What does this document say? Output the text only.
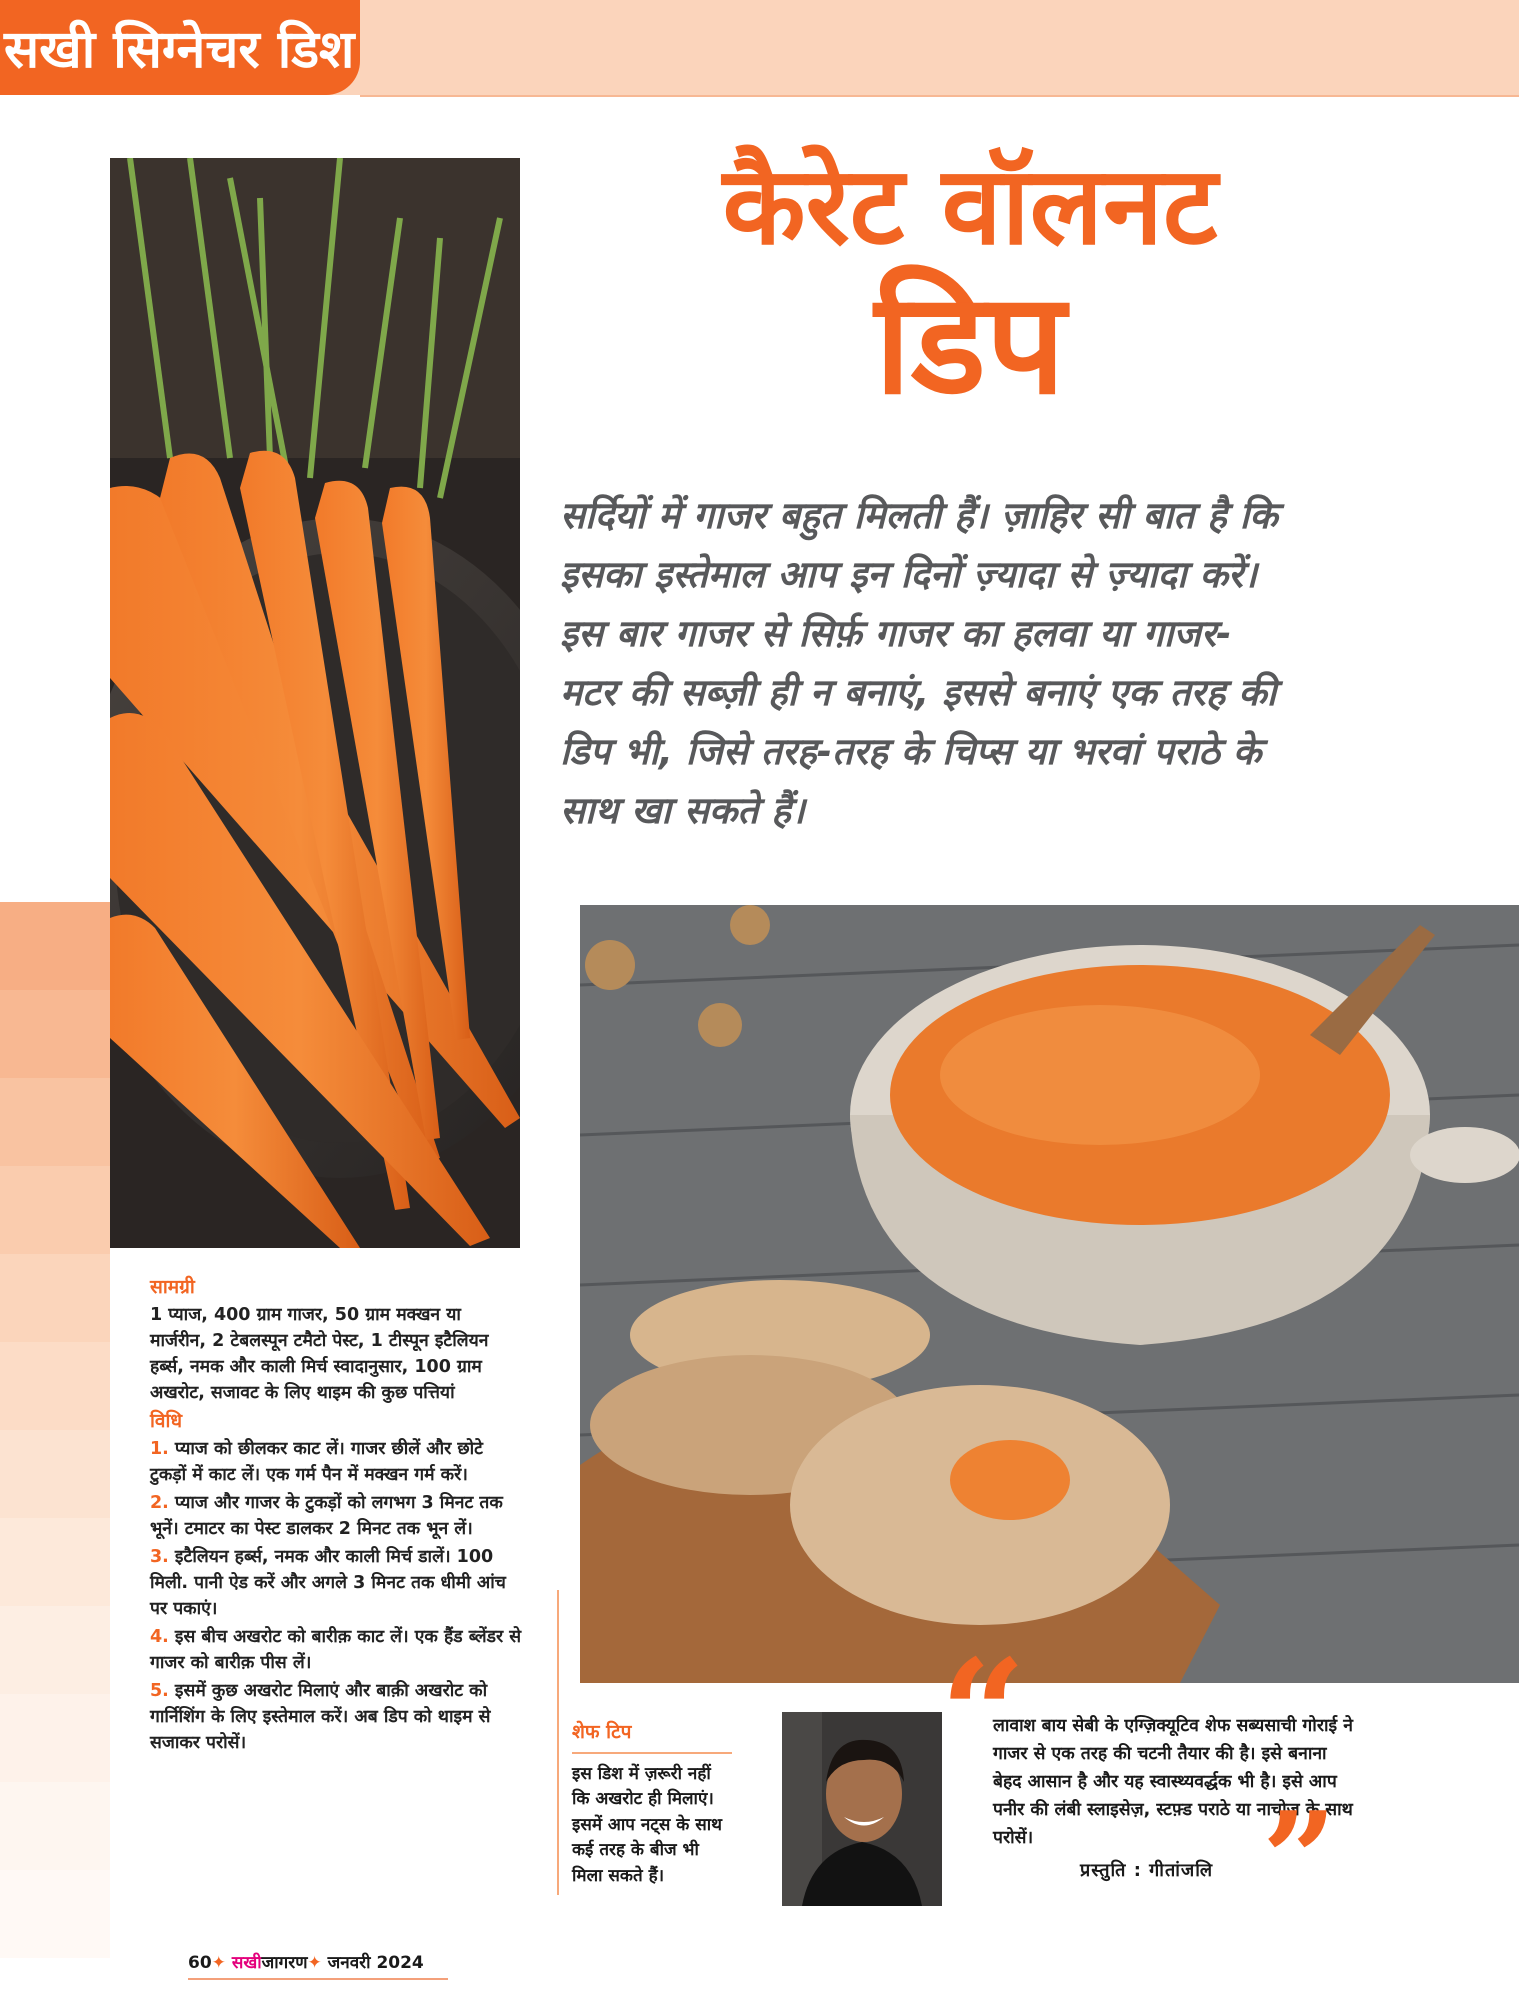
सखी सिग्नेचर डिश
कैरेट वॉलनट
डिप
सर्दियों में गाजर बहुत मिलती हैं। ज़ाहिर सी बात है कि इसका इस्तेमाल आप इन दिनों ज़्यादा से ज़्यादा करें। इस बार गाजर से सिर्फ़ गाजर का हलवा या गाजर-मटर की सब्ज़ी ही न बनाएं, इससे बनाएं एक तरह की डिप भी, जिसे तरह-तरह के चिप्स या भरवां पराठे के साथ खा सकते हैं।
सामग्री

1 प्याज, 400 ग्राम गाजर, 50 ग्राम मक्खन या मार्जरीन, 2 टेबलस्पून टमैटो पेस्ट, 1 टीस्पून इटैलियन हर्ब्स, नमक और काली मिर्च स्वादानुसार, 100 ग्राम अखरोट, सजावट के लिए थाइम की कुछ पत्तियां

विधि
1. प्याज को छीलकर काट लें। गाजर छीलें और छोटे टुकड़ों में काट लें। एक गर्म पैन में मक्खन गर्म करें।
2. प्याज और गाजर के टुकड़ों को लगभग 3 मिनट तक भूनें। टमाटर का पेस्ट डालकर 2 मिनट तक भून लें।
3. इटैलियन हर्ब्स, नमक और काली मिर्च डालें। 100 मिली. पानी ऐड करें और अगले 3 मिनट तक धीमी आंच पर पकाएं।
4. इस बीच अखरोट को बारीक़ काट लें। एक हैंड ब्लेंडर से गाजर को बारीक़ पीस लें।
5. इसमें कुछ अखरोट मिलाएं और बाक़ी अखरोट को गार्निशिंग के लिए इस्तेमाल करें। अब डिप को थाइम से सजाकर परोसें।	शेफ टिप

इस डिश में ज़रूरी नहीं कि अखरोट ही मिलाएं। इसमें आप नट्स के साथ कई तरह के बीज भी मिला सकते हैं।

“
लावाश बाय सेबी के एग्ज़िक्यूटिव शेफ सब्यसाची गोराई ने गाजर से एक तरह की चटनी तैयार की है। इसे बनाना बेहद आसान है और यह स्वास्थ्यवर्द्धक भी है। इसे आप पनीर की लंबी स्लाइसेज़, स्टफ़्ड पराठे या नाचोज़ के साथ परोसें।	”
प्रस्तुति : गीतांजलि
60✦ सखीजागरण✦ जनवरी 2024
